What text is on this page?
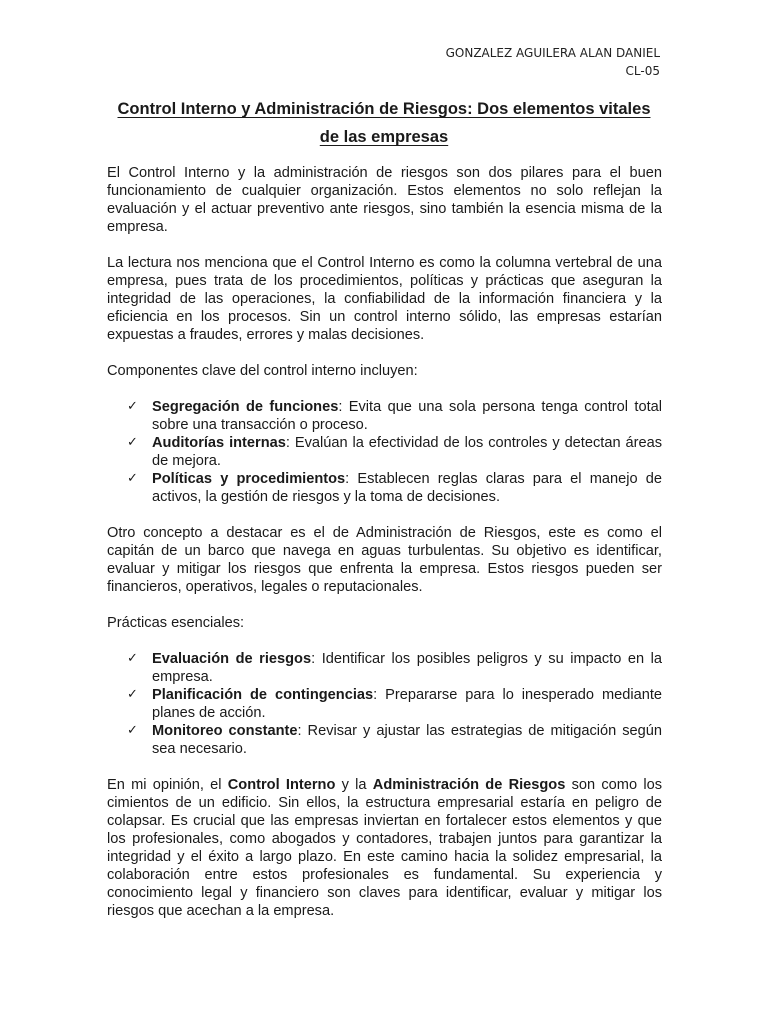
GONZALEZ AGUILERA ALAN DANIEL
CL-05
Control Interno y Administración de Riesgos: Dos elementos vitales de las empresas

El Control Interno y la administración de riesgos son dos pilares para el buen funcionamiento de cualquier organización. Estos elementos no solo reflejan la evaluación y el actuar preventivo ante riesgos, sino también la esencia misma de la empresa.

La lectura nos menciona que el Control Interno es como la columna vertebral de una empresa, pues trata de los procedimientos, políticas y prácticas que aseguran la integridad de las operaciones, la confiabilidad de la información financiera y la eficiencia en los procesos. Sin un control interno sólido, las empresas estarían expuestas a fraudes, errores y malas decisiones.

Componentes clave del control interno incluyen:

✓ Segregación de funciones: Evita que una sola persona tenga control total sobre una transacción o proceso.
✓ Auditorías internas: Evalúan la efectividad de los controles y detectan áreas de mejora.
✓ Políticas y procedimientos: Establecen reglas claras para el manejo de activos, la gestión de riesgos y la toma de decisiones.

Otro concepto a destacar es el de Administración de Riesgos, este es como el capitán de un barco que navega en aguas turbulentas. Su objetivo es identificar, evaluar y mitigar los riesgos que enfrenta la empresa. Estos riesgos pueden ser financieros, operativos, legales o reputacionales.

Prácticas esenciales:

✓ Evaluación de riesgos: Identificar los posibles peligros y su impacto en la empresa.
✓ Planificación de contingencias: Prepararse para lo inesperado mediante planes de acción.
✓ Monitoreo constante: Revisar y ajustar las estrategias de mitigación según sea necesario.

En mi opinión, el Control Interno y la Administración de Riesgos son como los cimientos de un edificio. Sin ellos, la estructura empresarial estaría en peligro de colapsar. Es crucial que las empresas inviertan en fortalecer estos elementos y que los profesionales, como abogados y contadores, trabajen juntos para garantizar la integridad y el éxito a largo plazo. En este camino hacia la solidez empresarial, la colaboración entre estos profesionales es fundamental. Su experiencia y conocimiento legal y financiero son claves para identificar, evaluar y mitigar los riesgos que acechan a la empresa.
